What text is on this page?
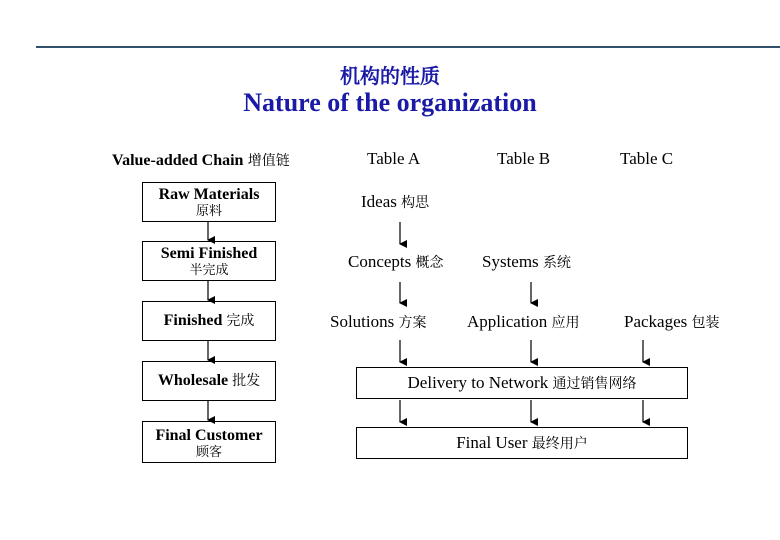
机构的性质
Nature of the organization
Value-added Chain 增值链	Table A	Table B	Table C
Raw Materials
原料
Semi Finished
半完成
Finished 完成
Wholesale 批发
Final Customer
顾客
Ideas 构思
Concepts 概念
Solutions 方案
Systems 系统
Application 应用	Packages 包装
Delivery to Network 通过销售网络
Final User 最终用户
